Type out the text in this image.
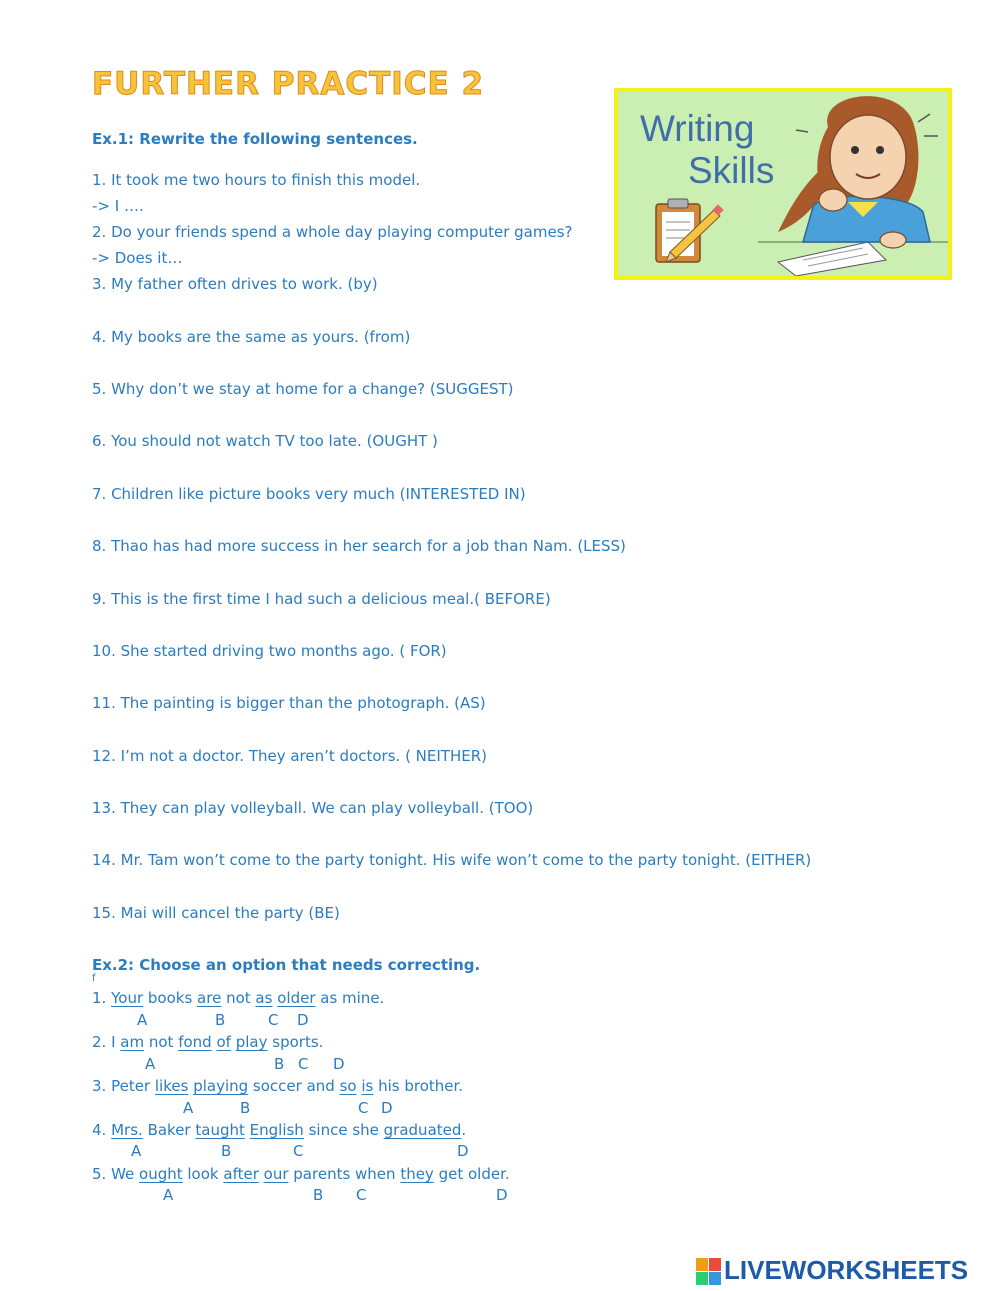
FURTHER PRACTICE 2
Writing
Skills
Ex.1: Rewrite the following sentences.
1. It took me two hours to finish this model.
-> I ….
2. Do your friends spend a whole day playing computer games?
-> Does it…
3. My father often drives to work. (by)
4. My books are the same as yours. (from)
5. Why don’t we stay at home for a change? (SUGGEST)
6. You should not watch TV too late. (OUGHT )
7. Children like picture books very much (INTERESTED IN)
8. Thao has had more success in her search for a job than Nam. (LESS)
9. This is the first time I had such a delicious meal.( BEFORE)
10. She started driving two months ago. ( FOR)
11. The painting is bigger than the photograph. (AS)
12. I’m not a doctor. They aren’t doctors. ( NEITHER)
13. They can play volleyball. We can play volleyball. (TOO)
14. Mr. Tam won’t come to the party tonight. His wife won’t come to the party tonight. (EITHER)
15. Mai will cancel the party (BE)
Ex.2: Choose an option that needs correcting.
f
1. Your books are not as older as mine.
A	B	C D
2. I am not fond of play sports.
A	B C D
3. Peter likes playing soccer and so is his brother.
A	B	C D
4. Mrs. Baker taught English since she graduated.
A	B	C	D
5. We ought look after our parents when they get older.
A	B C	D
LIVEWORKSHEETS
